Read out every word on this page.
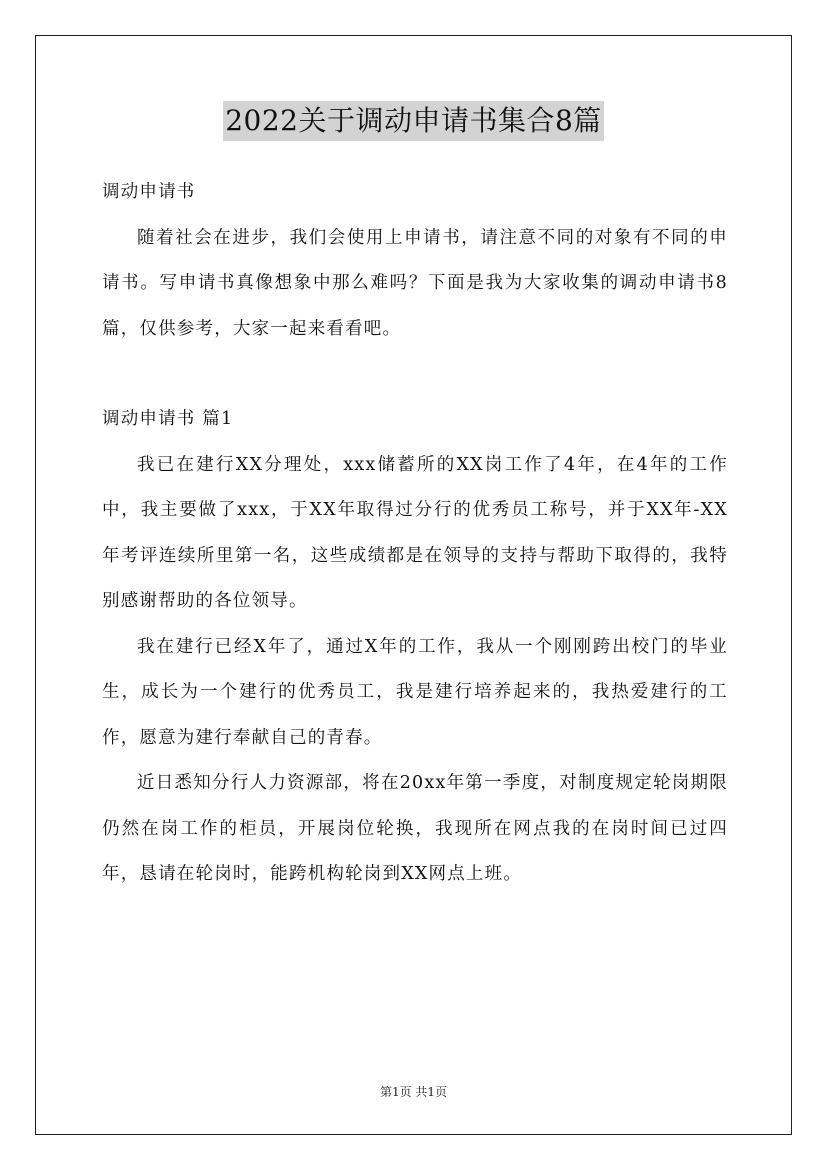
2022关于调动申请书集合8篇

调动申请书

随着社会在进步，我们会使用上申请书，请注意不同的对象有不同的申请书。写申请书真像想象中那么难吗？下面是我为大家收集的调动申请书8篇，仅供参考，大家一起来看看吧。

调动申请书 篇1

我已在建行XX分理处，xxx储蓄所的XX岗工作了4年，在4年的工作中，我主要做了xxx，于XX年取得过分行的优秀员工称号，并于XX年-XX年考评连续所里第一名，这些成绩都是在领导的支持与帮助下取得的，我特别感谢帮助的各位领导。

我在建行已经X年了，通过X年的工作，我从一个刚刚跨出校门的毕业生，成长为一个建行的优秀员工，我是建行培养起来的，我热爱建行的工作，愿意为建行奉献自己的青春。

近日悉知分行人力资源部，将在20xx年第一季度，对制度规定轮岗期限仍然在岗工作的柜员，开展岗位轮换，我现所在网点我的在岗时间已过四年，恳请在轮岗时，能跨机构轮岗到XX网点上班。

第1页 共1页
